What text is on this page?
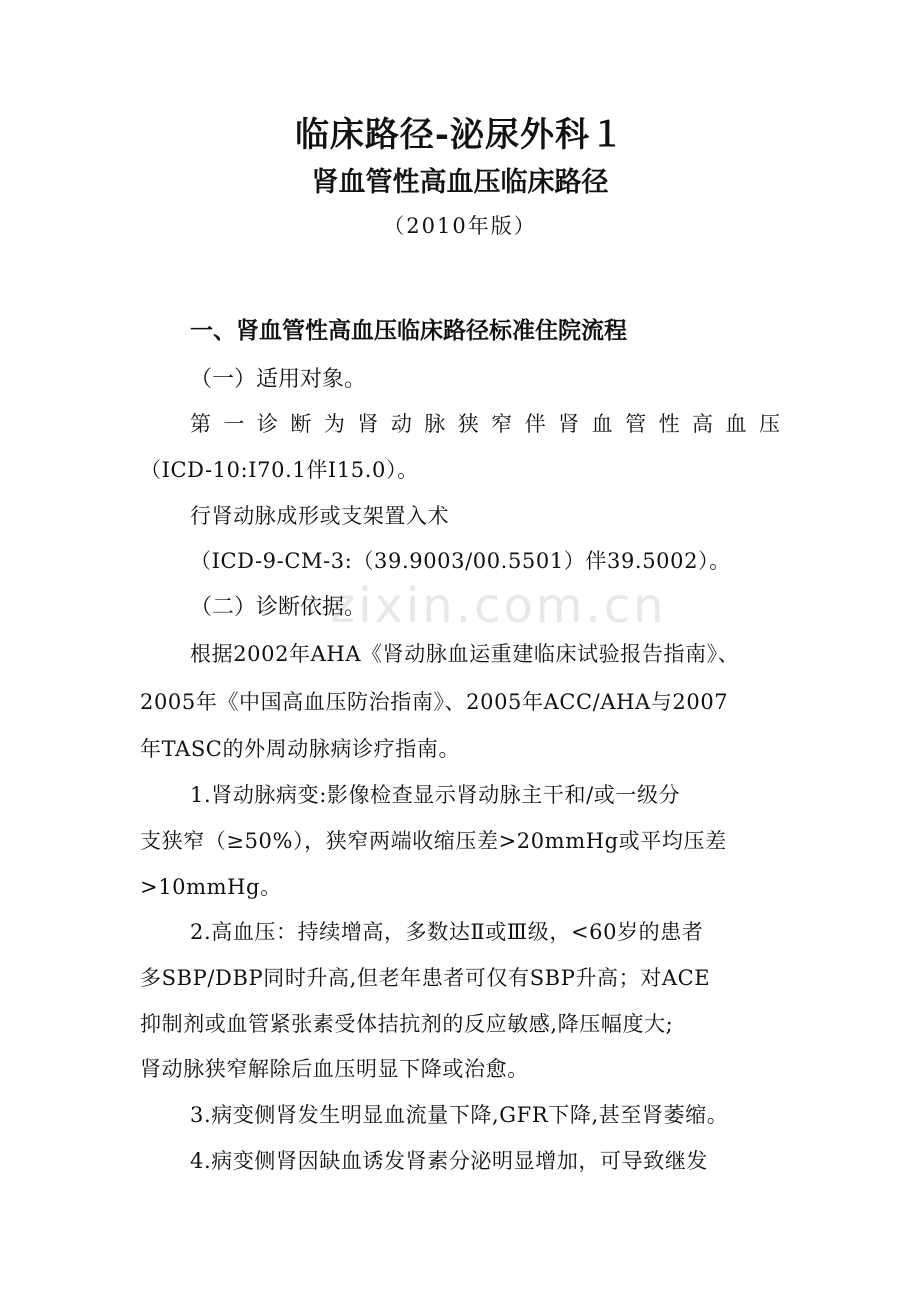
zixin.com.cn
临床路径-泌尿外科１
肾血管性高血压临床路径
（2010年版）
一、肾血管性高血压临床路径标准住院流程
（一）适用对象。
第 一 诊 断 为 肾 动 脉 狭 窄 伴 肾 血 管 性 高 血 压
（ICD-10:I70.1伴I15.0）。
行肾动脉成形或支架置入术
（ICD-9-CM-3:（39.9003/00.5501）伴39.5002）。
（二）诊断依据。
根据2002年AHA《肾动脉血运重建临床试验报告指南》、
2005年《中国高血压防治指南》、2005年ACC/AHA与2007
年TASC的外周动脉病诊疗指南。
1.肾动脉病变:影像检查显示肾动脉主干和/或一级分
支狭窄（≥50%），狭窄两端收缩压差>20mmHg或平均压差
>10mmHg。
2.高血压：持续增高，多数达Ⅱ或Ⅲ级，<60岁的患者
多SBP/DBP同时升高,但老年患者可仅有SBP升高；对ACE
抑制剂或血管紧张素受体拮抗剂的反应敏感,降压幅度大;
肾动脉狭窄解除后血压明显下降或治愈。
3.病变侧肾发生明显血流量下降,GFR下降,甚至肾萎缩。
4.病变侧肾因缺血诱发肾素分泌明显增加，可导致继发
